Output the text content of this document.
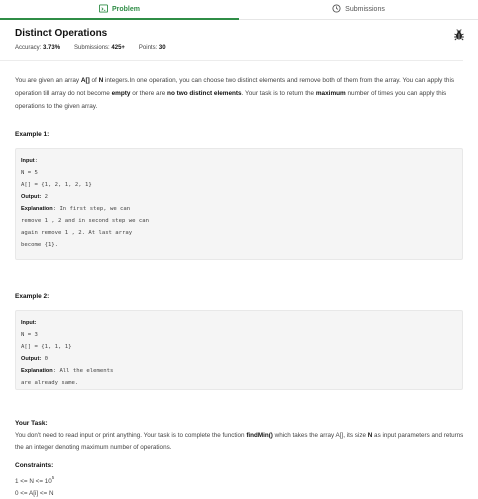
Problem	Submissions
Distinct Operations
Accuracy: 3.73% Submissions: 425+ Points: 30

You are given an array A[] of N integers.In one operation, you can choose two distinct elements and remove both of them from the array. You can apply this operation till array do not become empty or there are no two distinct elements. Your task is to return the maximum number of times you can apply this operations to the given array.

Example 1:
Input:
N = 5
A[] = {1, 2, 1, 2, 1}
Output: 2
Explanation: In first step, we can
remove 1 , 2 and in second step we can
again remove 1 , 2. At last array
become {1}.
Example 2:
Input:
N = 3
A[] = {1, 1, 1}
Output: 0
Explanation: All the elements
are already same.
Your Task:
You don't need to read input or print anything. Your task is to complete the function findMin() which takes the array A[], its size N as input parameters and returns the an integer denoting maximum number of operations.
Constraints:
$1 <= N <= 10^5$
0 <= A[i] <= N
